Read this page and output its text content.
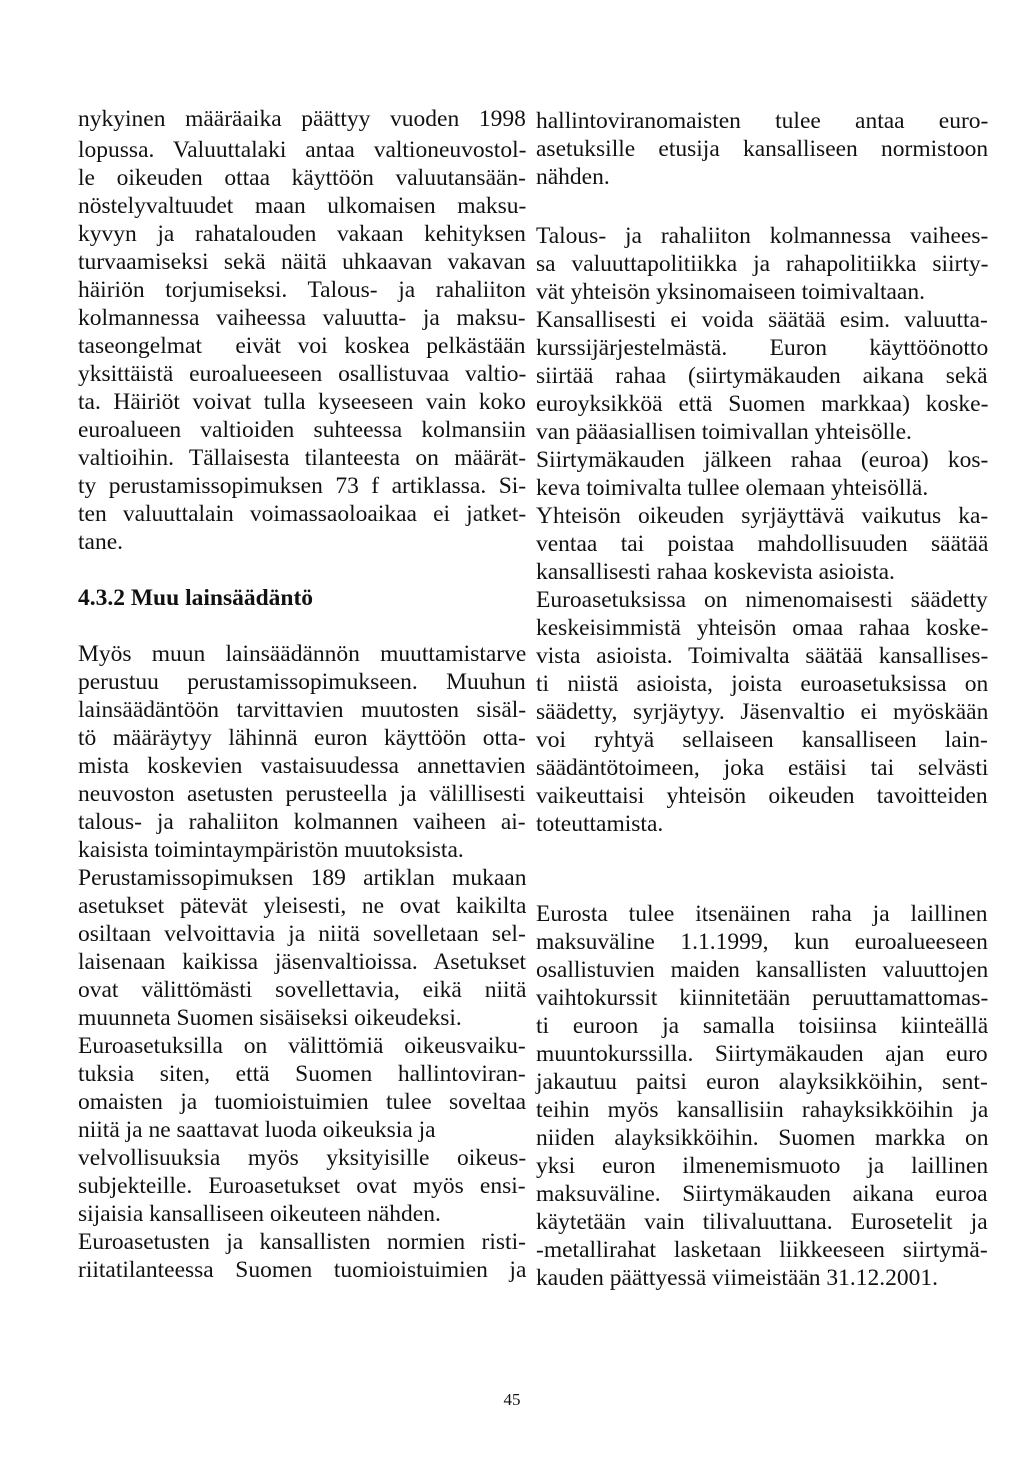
nykyinen määräaika päättyy vuoden 1998
lopussa. Valuuttalaki antaa valtioneuvostol-
le oikeuden ottaa käyttöön valuutansään-
nöstelyvaltuudet maan ulkomaisen maksu-
kyvyn ja rahatalouden vakaan kehityksen
turvaamiseksi sekä näitä uhkaavan vakavan
häiriön torjumiseksi. Talous- ja rahaliiton
kolmannessa vaiheessa valuutta- ja maksu-
taseongelmat  eivät voi koskea pelkästään
yksittäistä euroalueeseen osallistuvaa valtio-
ta. Häiriöt voivat tulla kyseeseen vain koko
euroalueen valtioiden suhteessa kolmansiin
valtioihin. Tällaisesta tilanteesta on määrät-
ty perustamissopimuksen 73 f artiklassa. Si-
ten valuuttalain voimassaoloaikaa ei jatket-
tane.
4.3.2 Muu lainsäädäntö
Myös muun lainsäädännön muuttamistarve
perustuu perustamissopimukseen. Muuhun
lainsäädäntöön tarvittavien muutosten sisäl-
tö määräytyy lähinnä euron käyttöön otta-
mista koskevien vastaisuudessa annettavien
neuvoston asetusten perusteella ja välillisesti
talous- ja rahaliiton kolmannen vaiheen ai-
kaisista toimintaympäristön muutoksista.
Perustamissopimuksen 189 artiklan mukaan
asetukset pätevät yleisesti, ne ovat kaikilta
osiltaan velvoittavia ja niitä sovelletaan sel-
laisenaan kaikissa jäsenvaltioissa. Asetukset
ovat välittömästi sovellettavia, eikä niitä
muunneta Suomen sisäiseksi oikeudeksi.
Euroasetuksilla on välittömiä oikeusvaiku-
tuksia siten, että Suomen hallintoviran-
omaisten ja tuomioistuimien tulee soveltaa
niitä ja ne saattavat luoda oikeuksia ja
velvollisuuksia myös yksityisille oikeus-
subjekteille. Euroasetukset ovat myös ensi-
sijaisia kansalliseen oikeuteen nähden.
Euroasetusten ja kansallisten normien risti-
riitatilanteessa Suomen tuomioistuimien ja
hallintoviranomaisten tulee antaa euro-
asetuksille etusija kansalliseen normistoon
nähden.
Talous- ja rahaliiton kolmannessa vaihees-
sa valuuttapolitiikka ja rahapolitiikka siirty-
vät yhteisön yksinomaiseen toimivaltaan.
Kansallisesti ei voida säätää esim. valuutta-
kurssijärjestelmästä. Euron käyttöönotto
siirtää rahaa (siirtymäkauden aikana sekä
euroyksikköä että Suomen markkaa) koske-
van pääasiallisen toimivallan yhteisölle.
Siirtymäkauden jälkeen rahaa (euroa) kos-
keva toimivalta tullee olemaan yhteisöllä.
Yhteisön oikeuden syrjäyttävä vaikutus ka-
ventaa tai poistaa mahdollisuuden säätää
kansallisesti rahaa koskevista asioista.
Euroasetuksissa on nimenomaisesti säädetty
keskeisimmistä yhteisön omaa rahaa koske-
vista asioista. Toimivalta säätää kansallises-
ti niistä asioista, joista euroasetuksissa on
säädetty, syrjäytyy. Jäsenvaltio ei myöskään
voi ryhtyä sellaiseen kansalliseen lain-
säädäntötoimeen, joka estäisi tai selvästi
vaikeuttaisi yhteisön oikeuden tavoitteiden
toteuttamista.
Eurosta tulee itsenäinen raha ja laillinen
maksuväline 1.1.1999, kun euroalueeseen
osallistuvien maiden kansallisten valuuttojen
vaihtokurssit kiinnitetään peruuttamattomas-
ti euroon ja samalla toisiinsa kiinteällä
muuntokurssilla. Siirtymäkauden ajan euro
jakautuu paitsi euron alayksikköihin, sent-
teihin myös kansallisiin rahayksikköihin ja
niiden alayksikköihin. Suomen markka on
yksi euron ilmenemismuoto ja laillinen
maksuväline. Siirtymäkauden aikana euroa
käytetään vain tilivaluuttana. Eurosetelit ja
-metallirahat lasketaan liikkeeseen siirtymä-
kauden päättyessä viimeistään 31.12.2001.
45
